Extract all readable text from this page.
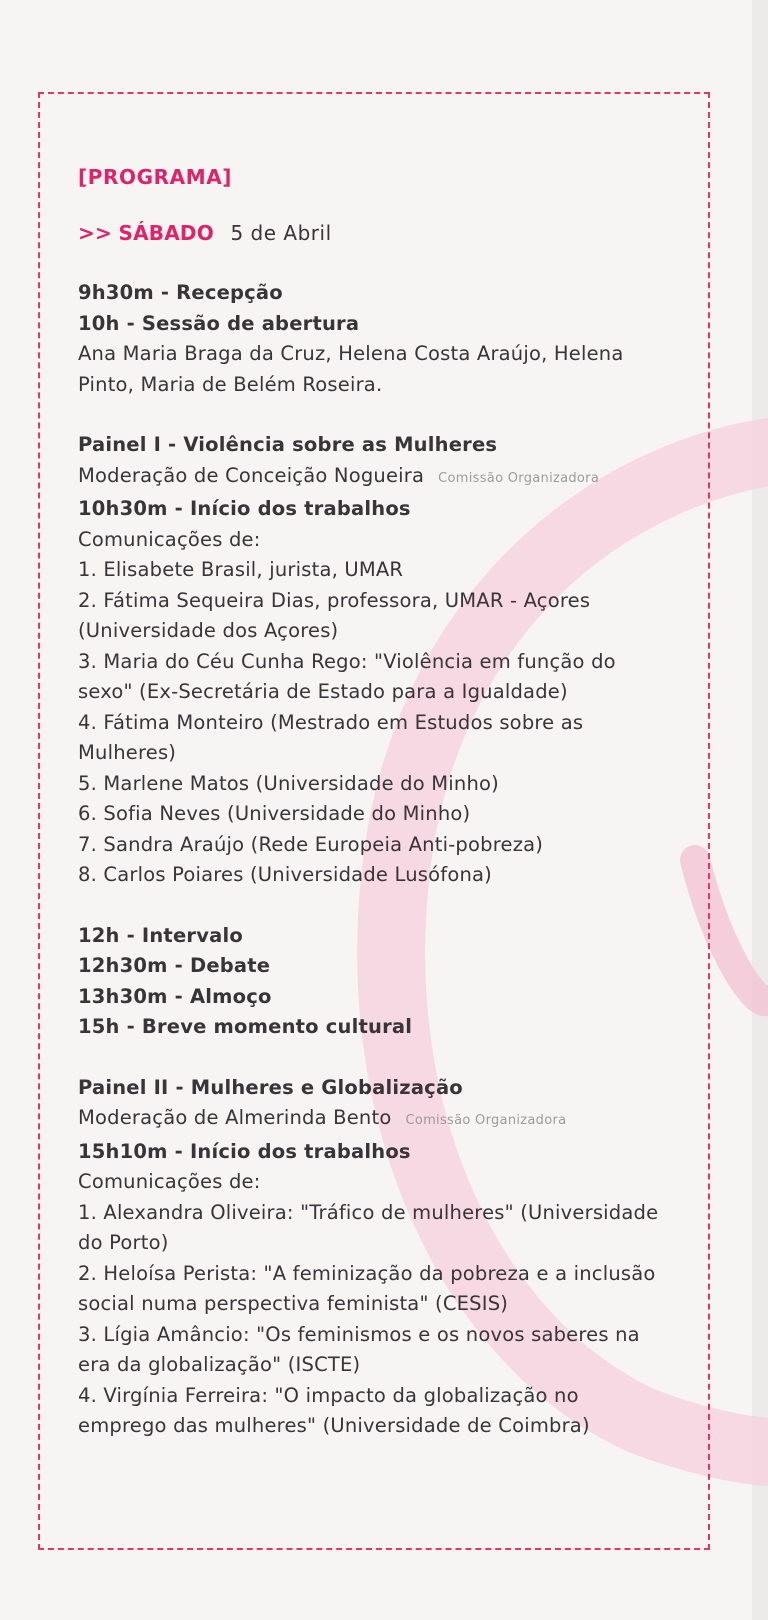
[PROGRAMA]
>> SÁBADO 5 de Abril
9h30m - Recepção
10h - Sessão de abertura
Ana Maria Braga da Cruz, Helena Costa Araújo, Helena
Pinto, Maria de Belém Roseira.
Painel I - Violência sobre as Mulheres
Moderação de Conceição Nogueira Comissão Organizadora
10h30m - Início dos trabalhos
Comunicações de:
1. Elisabete Brasil, jurista, UMAR
2. Fátima Sequeira Dias, professora, UMAR - Açores
(Universidade dos Açores)
3. Maria do Céu Cunha Rego: "Violência em função do
sexo" (Ex-Secretária de Estado para a Igualdade)
4. Fátima Monteiro (Mestrado em Estudos sobre as
Mulheres)
5. Marlene Matos (Universidade do Minho)
6. Sofia Neves (Universidade do Minho)
7. Sandra Araújo (Rede Europeia Anti-pobreza)
8. Carlos Poiares (Universidade Lusófona)
12h - Intervalo
12h30m - Debate
13h30m - Almoço
15h - Breve momento cultural
Painel II - Mulheres e Globalização
Moderação de Almerinda Bento Comissão Organizadora
15h10m - Início dos trabalhos
Comunicações de:
1. Alexandra Oliveira: "Tráfico de mulheres" (Universidade
do Porto)
2. Heloísa Perista: "A feminização da pobreza e a inclusão
social numa perspectiva feminista" (CESIS)
3. Lígia Amâncio: "Os feminismos e os novos saberes na
era da globalização" (ISCTE)
4. Virgínia Ferreira: "O impacto da globalização no
emprego das mulheres" (Universidade de Coimbra)
